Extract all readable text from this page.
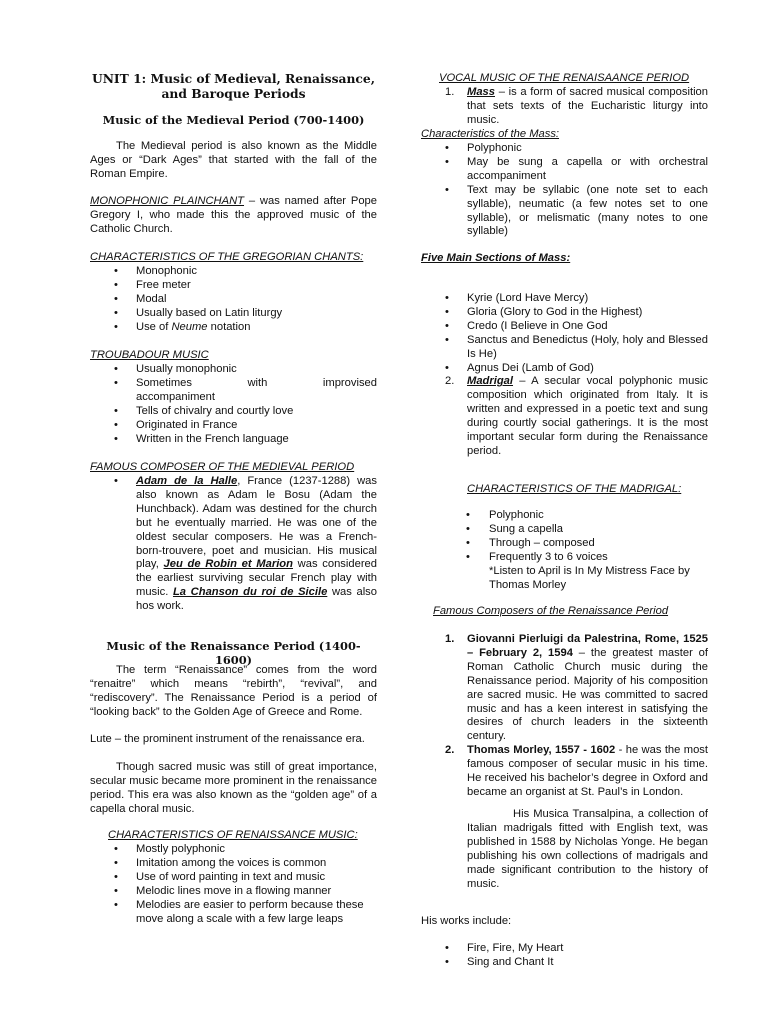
UNIT 1: Music of Medieval, Renaissance, and Baroque Periods
Music of the Medieval Period (700-1400)

The Medieval period is also known as the Middle Ages or “Dark Ages” that started with the fall of the Roman Empire.

MONOPHONIC PLAINCHANT – was named after Pope Gregory I, who made this the approved music of the Catholic Church.

CHARACTERISTICS OF THE GREGORIAN CHANTS:

• Monophonic
• Free meter
• Modal
• Usually based on Latin liturgy
• Use of Neume notation

TROUBADOUR MUSIC

• Usually monophonic
• Sometimes with improvised
accompaniment
• Tells of chivalry and courtly love
• Originated in France
• Written in the French language

FAMOUS COMPOSER OF THE MEDIEVAL PERIOD

• Adam de la Halle, France (1237-1288) was also known as Adam le Bosu (Adam the Hunchback). Adam was destined for the church but he eventually married. He was one of the oldest secular composers. He was a French-born-trouvere, poet and musician. His musical play, Jeu de Robin et Marion was considered the earliest surviving secular French play with music. La Chanson du roi de Sicile was also hos work.
Music of the Renaissance Period (1400-1600)

The term “Renaissance” comes from the word “renaitre” which means “rebirth”, “revival”, and “rediscovery”. The Renaissance Period is a period of “looking back” to the Golden Age of Greece and Rome.

Lute – the prominent instrument of the renaissance era.

Though sacred music was still of great importance, secular music became more prominent in the renaissance period. This era was also known as the “golden age” of a capella choral music.

CHARACTERISTICS OF RENAISSANCE MUSIC:

• Mostly polyphonic
• Imitation among the voices is common
• Use of word painting in text and music
• Melodic lines move in a flowing manner
• Melodies are easier to perform because these move along a scale with a few large leaps

VOCAL MUSIC OF THE RENAISAANCE PERIOD

1. Mass – is a form of sacred musical composition that sets texts of the Eucharistic liturgy into music.

Characteristics of the Mass:

• Polyphonic
• May be sung a capella or with orchestral accompaniment
• Text may be syllabic (one note set to each syllable), neumatic (a few notes set to one syllable), or melismatic (many notes to one syllable)

Five Main Sections of Mass:

• Kyrie (Lord Have Mercy)
• Gloria (Glory to God in the Highest)
• Credo (I Believe in One God
• Sanctus and Benedictus (Holy, holy and Blessed Is He)
• Agnus Dei (Lamb of God)
2. Madrigal – A secular vocal polyphonic music composition which originated from Italy. It is written and expressed in a poetic text and sung during courtly social gatherings. It is the most important secular form during the Renaissance period.

CHARACTERISTICS OF THE MADRIGAL:

• Polyphonic
• Sung a capella
• Through – composed
• Frequently 3 to 6 voices

*Listen to April is In My Mistress Face by Thomas Morley

Famous Composers of the Renaissance Period

1. Giovanni Pierluigi da Palestrina, Rome, 1525 – February 2, 1594 – the greatest master of Roman Catholic Church music during the Renaissance period. Majority of his composition are sacred music. He was committed to sacred music and has a keen interest in satisfying the desires of church leaders in the sixteenth century.
2. Thomas Morley, 1557 - 1602 - he was the most famous composer of secular music in his time. He received his bachelor’s degree in Oxford and became an organist at St. Paul’s in London.

His Musica Transalpina, a collection of Italian madrigals fitted with English text, was published in 1588 by Nicholas Yonge. He began publishing his own collections of madrigals and made significant contribution to the history of music.

His works include:

• Fire, Fire, My Heart
• Sing and Chant It
